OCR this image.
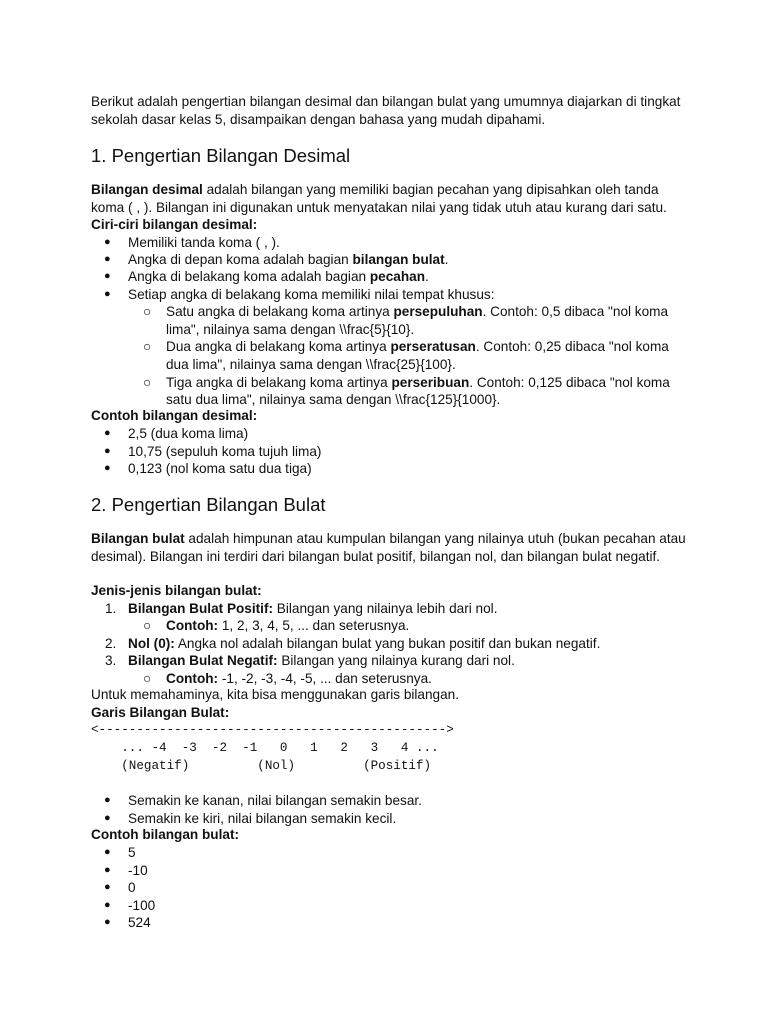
Berikut adalah pengertian bilangan desimal dan bilangan bulat yang umumnya diajarkan di tingkat sekolah dasar kelas 5, disampaikan dengan bahasa yang mudah dipahami.
1. Pengertian Bilangan Desimal
Bilangan desimal adalah bilangan yang memiliki bagian pecahan yang dipisahkan oleh tanda koma ( , ). Bilangan ini digunakan untuk menyatakan nilai yang tidak utuh atau kurang dari satu.
Ciri-ciri bilangan desimal:
● Memiliki tanda koma ( , ).
● Angka di depan koma adalah bagian bilangan bulat.
● Angka di belakang koma adalah bagian pecahan.
● Setiap angka di belakang koma memiliki nilai tempat khusus:
○ Satu angka di belakang koma artinya persepuluhan. Contoh: 0,5 dibaca "nol koma
lima", nilainya sama dengan \\frac{5}{10}.
○ Dua angka di belakang koma artinya perseratusan. Contoh: 0,25 dibaca "nol koma
dua lima", nilainya sama dengan \\frac{25}{100}.
○ Tiga angka di belakang koma artinya perseribuan. Contoh: 0,125 dibaca "nol koma
satu dua lima", nilainya sama dengan \\frac{125}{1000}.
Contoh bilangan desimal:
● 2,5 (dua koma lima)
● 10,75 (sepuluh koma tujuh lima)
● 0,123 (nol koma satu dua tiga)
2. Pengertian Bilangan Bulat
Bilangan bulat adalah himpunan atau kumpulan bilangan yang nilainya utuh (bukan pecahan atau desimal). Bilangan ini terdiri dari bilangan bulat positif, bilangan nol, dan bilangan bulat negatif.
Jenis-jenis bilangan bulat:
1. Bilangan Bulat Positif: Bilangan yang nilainya lebih dari nol.
○ Contoh: 1, 2, 3, 4, 5, ... dan seterusnya.
2. Nol (0): Angka nol adalah bilangan bulat yang bukan positif dan bukan negatif.
3. Bilangan Bulat Negatif: Bilangan yang nilainya kurang dari nol.
○ Contoh: -1, -2, -3, -4, -5, ... dan seterusnya.
Untuk memahaminya, kita bisa menggunakan garis bilangan.
Garis Bilangan Bulat:
<---------------------------------------------->
... -4  -3  -2  -1   0   1   2   3   4 ...
(Negatif)         (Nol)         (Positif)
● Semakin ke kanan, nilai bilangan semakin besar.
● Semakin ke kiri, nilai bilangan semakin kecil.
Contoh bilangan bulat:
● 5
● -10
● 0
● -100
● 524
